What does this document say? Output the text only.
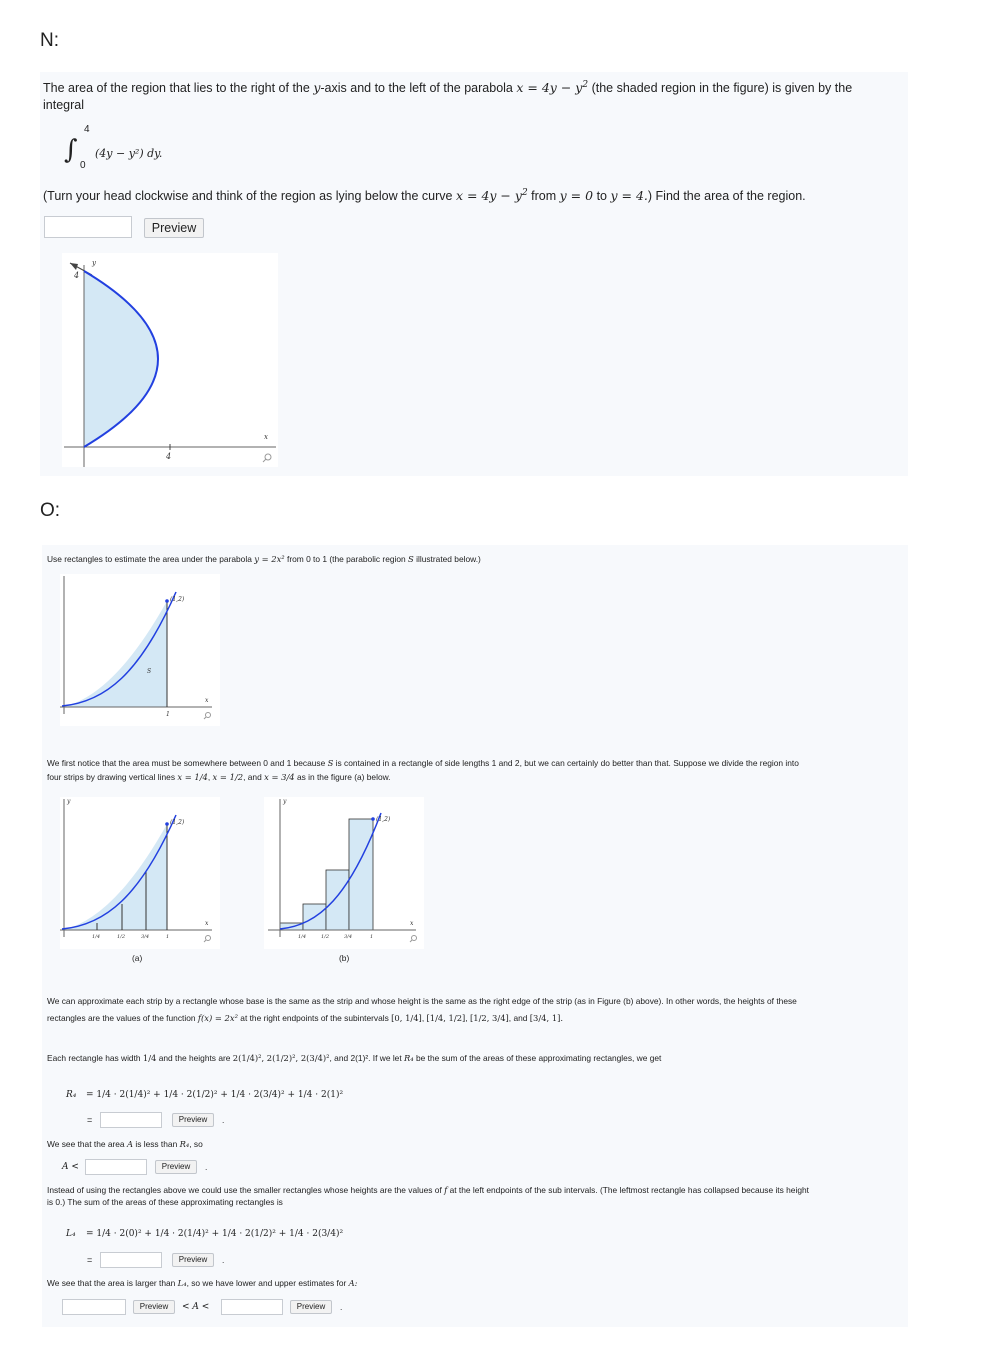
N:
The area of the region that lies to the right of the y-axis and to the left of the parabola $x = 4y - y^2$ (the shaded region in the figure) is given by the
integral
4
∫
0
(4y − y²) dy.
(Turn your head clockwise and think of the region as lying below the curve $x = 4y - y^2$ from y = 0 to y = 4.) Find the area of the region.
Preview
y
4
4
x
O:
Use rectangles to estimate the area under the parabola y = 2x² from 0 to 1 (the parabolic region S illustrated below.)
(1,2)
S
1
x
We first notice that the area must be somewhere between 0 and 1 because S is contained in a rectangle of side lengths 1 and 2, but we can certainly do better than that. Suppose we divide the region into
four strips by drawing vertical lines x = 1/4, x = 1/2, and x = 3/4 as in the figure (a) below.
(1,2)
y
1/4	1/2	3/4	1
x
(a)
(1,2)
y
1/4	1/2	3/4	1
x
(b)
We can approximate each strip by a rectangle whose base is the same as the strip and whose height is the same as the right edge of the strip (as in Figure (b) above). In other words, the heights of these
rectangles are the values of the function f(x) = 2x² at the right endpoints of the subintervals [0, 1/4], [1/4, 1/2], [1/2, 3/4], and [3/4, 1].
Each rectangle has width 1/4 and the heights are 2(1/4)², 2(1/2)², 2(3/4)², and 2(1)². If we let R₄ be the sum of the areas of these approximating rectangles, we get
R₄ = 1/4 · 2(1/4)² + 1/4 · 2(1/2)² + 1/4 · 2(3/4)² + 1/4 · 2(1)²
=	Preview	.
We see that the area A is less than R₄, so
A <	Preview	.
Instead of using the rectangles above we could use the smaller rectangles whose heights are the values of f at the left endpoints of the sub intervals. (The leftmost rectangle has collapsed because its height
is 0.) The sum of the areas of these approximating rectangles is
L₄ = 1/4 · 2(0)² + 1/4 · 2(1/4)² + 1/4 · 2(1/2)² + 1/4 · 2(3/4)²
=	Preview	.
We see that the area is larger than L₄, so we have lower and upper estimates for A:
Preview	< A <	Preview	.
